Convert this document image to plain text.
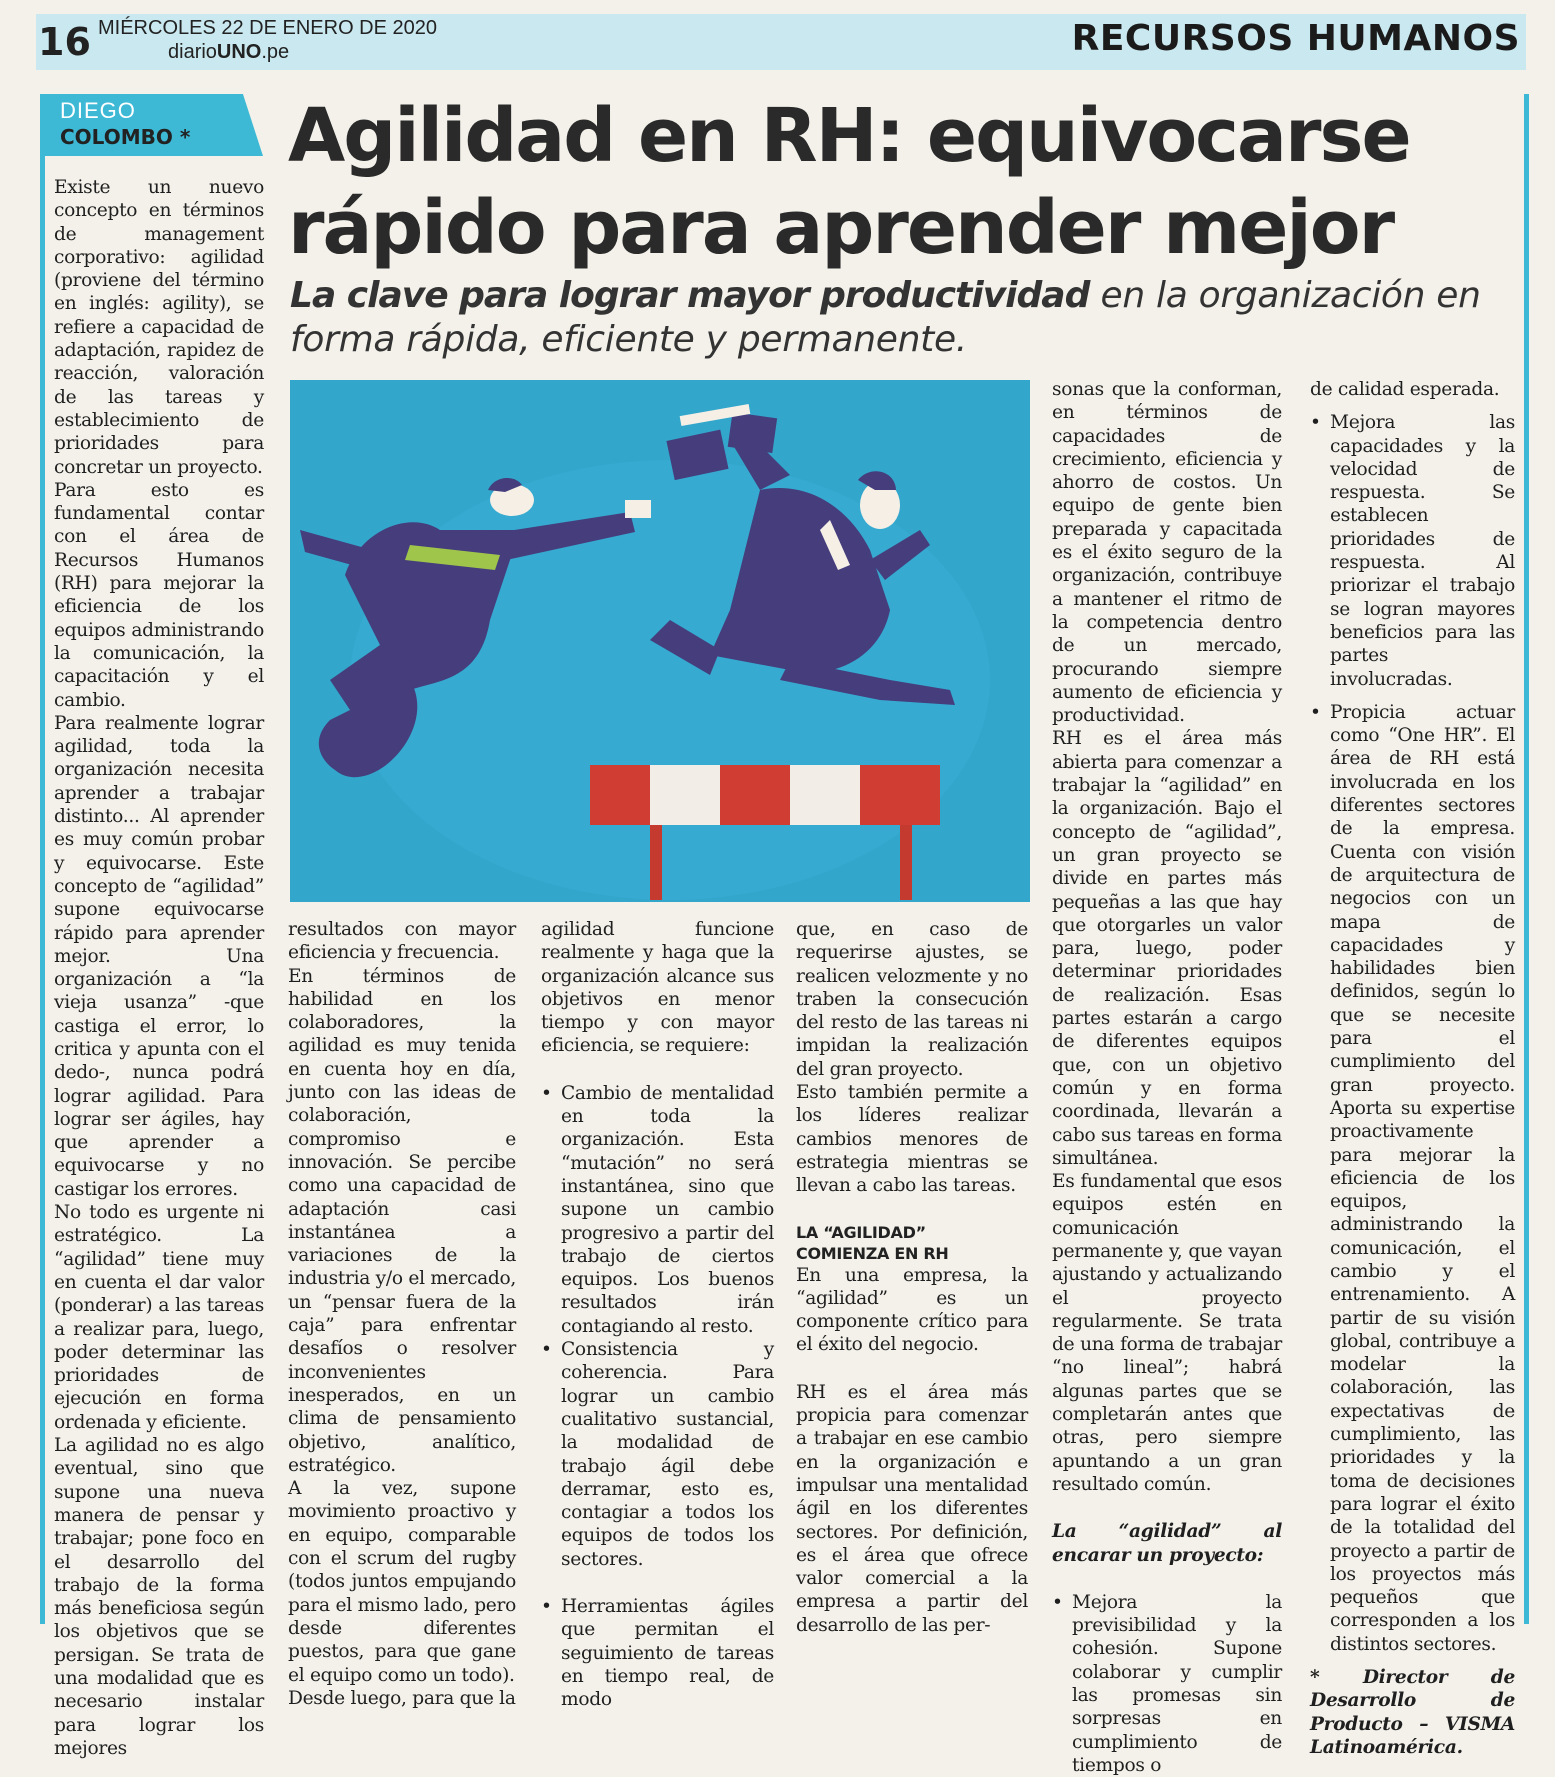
16 MIÉRCOLES 22 DE ENERO DE 2020
diarioUNO.pe	RECURSOS HUMANOS
DIEGO
COLOMBO * Agilidad en RH: equivocarse
rápido para aprender mejor
La clave para lograr mayor productividad en la organización en forma rápida, eficiente y permanente.

Existe un nuevo concepto en términos de management corporativo: agilidad (proviene del término en inglés: agility), se refiere a capacidad de adaptación, rapidez de reacción, valoración de las tareas y establecimiento de prioridades para concretar un proyecto.

Para esto es fundamental contar con el área de Recursos Humanos (RH) para mejorar la eficiencia de los equipos administrando la comunicación, la capacitación y el cambio.

Para realmente lograr agilidad, toda la organización necesita aprender a trabajar distinto... Al aprender es muy común probar y equivocarse. Este concepto de “agilidad” supone equivocarse rápido para aprender mejor. Una organización a “la vieja usanza” -que castiga el error, lo critica y apunta con el dedo-, nunca podrá lograr agilidad. Para lograr ser ágiles, hay que aprender a equivocarse y no castigar los errores.

No todo es urgente ni estratégico. La “agilidad” tiene muy en cuenta el dar valor (ponderar) a las tareas a realizar para, luego, poder determinar las prioridades de ejecución en forma ordenada y eficiente.

La agilidad no es algo eventual, sino que supone una nueva manera de pensar y trabajar; pone foco en el desarrollo del trabajo de la forma más beneficiosa según los objetivos que se persigan. Se trata de una modalidad que es necesario instalar para lograr los mejores

resultados con mayor eficiencia y frecuencia.

En términos de habilidad en los colaboradores, la agilidad es muy tenida en cuenta hoy en día, junto con las ideas de colaboración, compromiso e innovación. Se percibe como una capacidad de adaptación casi instantánea a variaciones de la industria y/o el mercado, un “pensar fuera de la caja” para enfrentar desafíos o resolver inconvenientes inesperados, en un clima de pensamiento objetivo, analítico, estratégico.

A la vez, supone movimiento proactivo y en equipo, comparable con el scrum del rugby (todos juntos empujando para el mismo lado, pero desde diferentes puestos, para que gane el equipo como un todo).

Desde luego, para que la

agilidad funcione realmente y haga que la organización alcance sus objetivos en menor tiempo y con mayor eficiencia, se requiere:

• Cambio de mentalidad en toda la organización. Esta “mutación” no será instantánea, sino que supone un cambio progresivo a partir del trabajo de ciertos equipos. Los buenos resultados irán contagiando al resto.

• Consistencia y coherencia. Para lograr un cambio cualitativo sustancial, la modalidad de trabajo ágil debe derramar, esto es, contagiar a todos los equipos de todos los sectores.

• Herramientas ágiles que permitan el seguimiento de tareas en tiempo real, de modo

que, en caso de requerirse ajustes, se realicen velozmente y no traben la consecución del resto de las tareas ni impidan la realización del gran proyecto.

Esto también permite a los líderes realizar cambios menores de estrategia mientras se llevan a cabo las tareas.

LA “AGILIDAD”
COMIENZA EN RH

En una empresa, la “agilidad” es un componente crítico para el éxito del negocio.

RH es el área más propicia para comenzar a trabajar en ese cambio en la organización e impulsar una mentalidad ágil en los diferentes sectores. Por definición, es el área que ofrece valor comercial a la empresa a partir del desarrollo de las per-

sonas que la conforman, en términos de capacidades de crecimiento, eficiencia y ahorro de costos. Un equipo de gente bien preparada y capacitada es el éxito seguro de la organización, contribuye a mantener el ritmo de la competencia dentro de un mercado, procurando siempre aumento de eficiencia y productividad.

RH es el área más abierta para comenzar a trabajar la “agilidad” en la organización. Bajo el concepto de “agilidad”, un gran proyecto se divide en partes más pequeñas a las que hay que otorgarles un valor para, luego, poder determinar prioridades de realización. Esas partes estarán a cargo de diferentes equipos que, con un objetivo común y en forma coordinada, llevarán a cabo sus tareas en forma simultánea.

Es fundamental que esos equipos estén en comunicación permanente y, que vayan ajustando y actualizando el proyecto regularmente. Se trata de una forma de trabajar “no lineal”; habrá algunas partes que se completarán antes que otras, pero siempre apuntando a un gran resultado común.

La “agilidad” al encarar un proyecto:

• Mejora la previsibilidad y la cohesión. Supone colaborar y cumplir las promesas sin sorpresas en cumplimiento de tiempos o

de calidad esperada.

• Mejora las capacidades y la velocidad de respuesta. Se establecen prioridades de respuesta. Al priorizar el trabajo se logran mayores beneficios para las partes involucradas.

• Propicia actuar como “One HR”. El área de RH está involucrada en los diferentes sectores de la empresa. Cuenta con visión de arquitectura de negocios con un mapa de capacidades y habilidades bien definidos, según lo que se necesite para el cumplimiento del gran proyecto. Aporta su expertise proactivamente para mejorar la eficiencia de los equipos, administrando la comunicación, el cambio y el entrenamiento. A partir de su visión global, contribuye a modelar la colaboración, las expectativas de cumplimiento, las prioridades y la toma de decisiones para lograr el éxito de la totalidad del proyecto a partir de los proyectos más pequeños que corresponden a los distintos sectores.

* Director de Desarrollo de Producto – VISMA Latinoamérica.
